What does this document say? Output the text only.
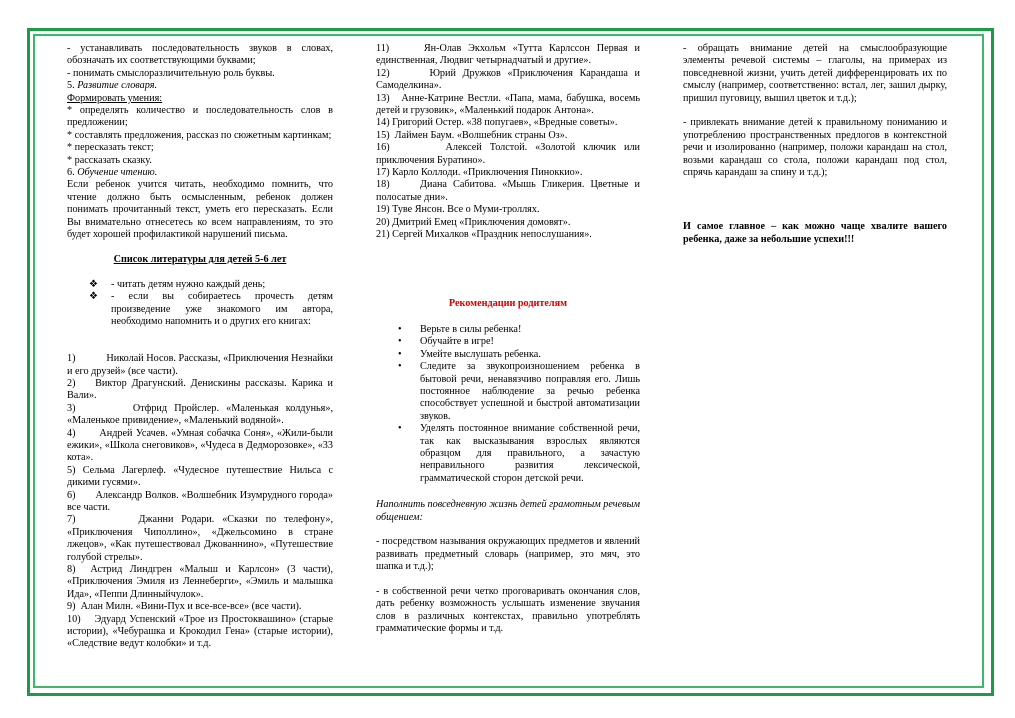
- устанавливать последовательность звуков в словах, обозначать их соответствующими буквами;

- понимать смыслоразличительную роль буквы.

5. Развитие словаря.

Формировать умения:

* определять количество и последовательность слов в предложении;

* составлять предложения, рассказ по сюжетным картинкам;

* пересказать текст;

* рассказать сказку.

6. Обучение чтению.

Если ребенок учится читать, необходимо помнить, что чтение должно быть осмысленным, ребенок должен понимать прочитанный текст, уметь его пересказать. Если Вы внимательно отнесетесь ко всем направлениям, то это будет хорошей профилактикой нарушений письма.

Список литературы для детей 5-6 лет

❖ - читать детям нужно каждый день;
❖ - если вы собираетесь прочесть детям произведение уже знакомого им автора, необходимо напомнить и о других его книгах:

1)            Николай Носов. Рассказы, «Приключения Незнайки и его друзей» (все части).

2)    Виктор Драгунский. Денискины рассказы. Карика и Вали».

3)        Отфрид Пройслер. «Маленькая колдунья», «Маленькое привидение», «Маленький водяной».

4)       Андрей Усачев. «Умная собачка Соня», «Жили-были ежики», «Школа снеговиков», «Чудеса в Дедморозовке», «33 кота».

5) Сельма Лагерлеф. «Чудесное путешествие Нильса с дикими гусями».

6)       Александр Волков. «Волшебник Изумрудного города» все части.

7)        Джанни Родари. «Сказки по телефону», «Приключения Чиполлино», «Джельсомино в стране лжецов», «Как путешествовал Джованнино», «Путешествие голубой стрелы».

8)  Астрид Линдгрен «Малыш и Карлсон» (3 части), «Приключения Эмиля из Леннеберги», «Эмиль и малышка Ида», «Пеппи Длинныйчулок».

9)  Алан Милн. «Вини-Пух и все-все-все» (все части).

10)    Эдуард Успенский «Трое из Простоквашино» (старые истории), «Чебурашка и Крокодил Гена» (старые истории), «Следствие ведут колобки» и т.д.

11)     Ян-Олав Экхольм «Тутта Карлссон Первая и единственная, Людвиг четырнадчатый и другие».

12)      Юрий Дружков «Приключения Карандаша и Самоделкина».

13)   Анне-Катрине Вестли. «Папа, мама, бабушка, восемь детей и грузовик», «Маленький подарок Антона».

14) Григорий Остер. «38 попугаев», «Вредные советы».

15)  Лаймен Баум. «Волшебник страны Оз».

16)       Алексей Толстой. «Золотой ключик или приключения Буратино».

17) Карло Коллоди. «Приключения Пиноккио».

18)     Диана Сабитова. «Мышь Гликерия. Цветные и полосатые дни».

19) Туве Янсон. Все о Муми-троллях.

20) Дмитрий Емец «Приключения домовят».

21) Сергей Михалков «Праздник непослушания».

Рекомендации родителям

• Верьте в силы ребенка!
• Обучайте в игре!
• Умейте выслушать ребенка.
• Следите за звукопроизношением ребенка в бытовой речи, ненавязчиво поправляя его. Лишь постоянное наблюдение за речью ребенка способствует успешной и быстрой автоматизации звуков.
• Уделять постоянное внимание собственной речи, так как высказывания взрослых являются образцом для правильного, а зачастую неправильного развития лексической, грамматической сторон детской речи.

Наполнить повседневную жизнь детей грамотным речевым общением:

- посредством называния окружающих предметов и явлений развивать предметный словарь (например, это мяч, это шапка и т.д.);

- в собственной речи четко проговаривать окончания слов, дать ребенку возможность услышать изменение звучания слов в различных контекстах, правильно употреблять грамматические формы и т.д.

- обращать внимание детей на смыслообразующие элементы речевой системы – глаголы, на примерах из повседневной жизни, учить детей дифференцировать их по смыслу (например, соответственно: встал, лег, зашил дырку, пришил пуговицу, вышил цветок и т.д.);

- привлекать внимание детей к правильному пониманию и употреблению пространственных предлогов в контекстной речи и изолированно (например, положи карандаш на стол, возьми карандаш со стола, положи карандаш под стол, спрячь карандаш за спину и т.д.);

И самое главное – как можно чаще хвалите вашего ребенка, даже за небольшие успехи!!!
